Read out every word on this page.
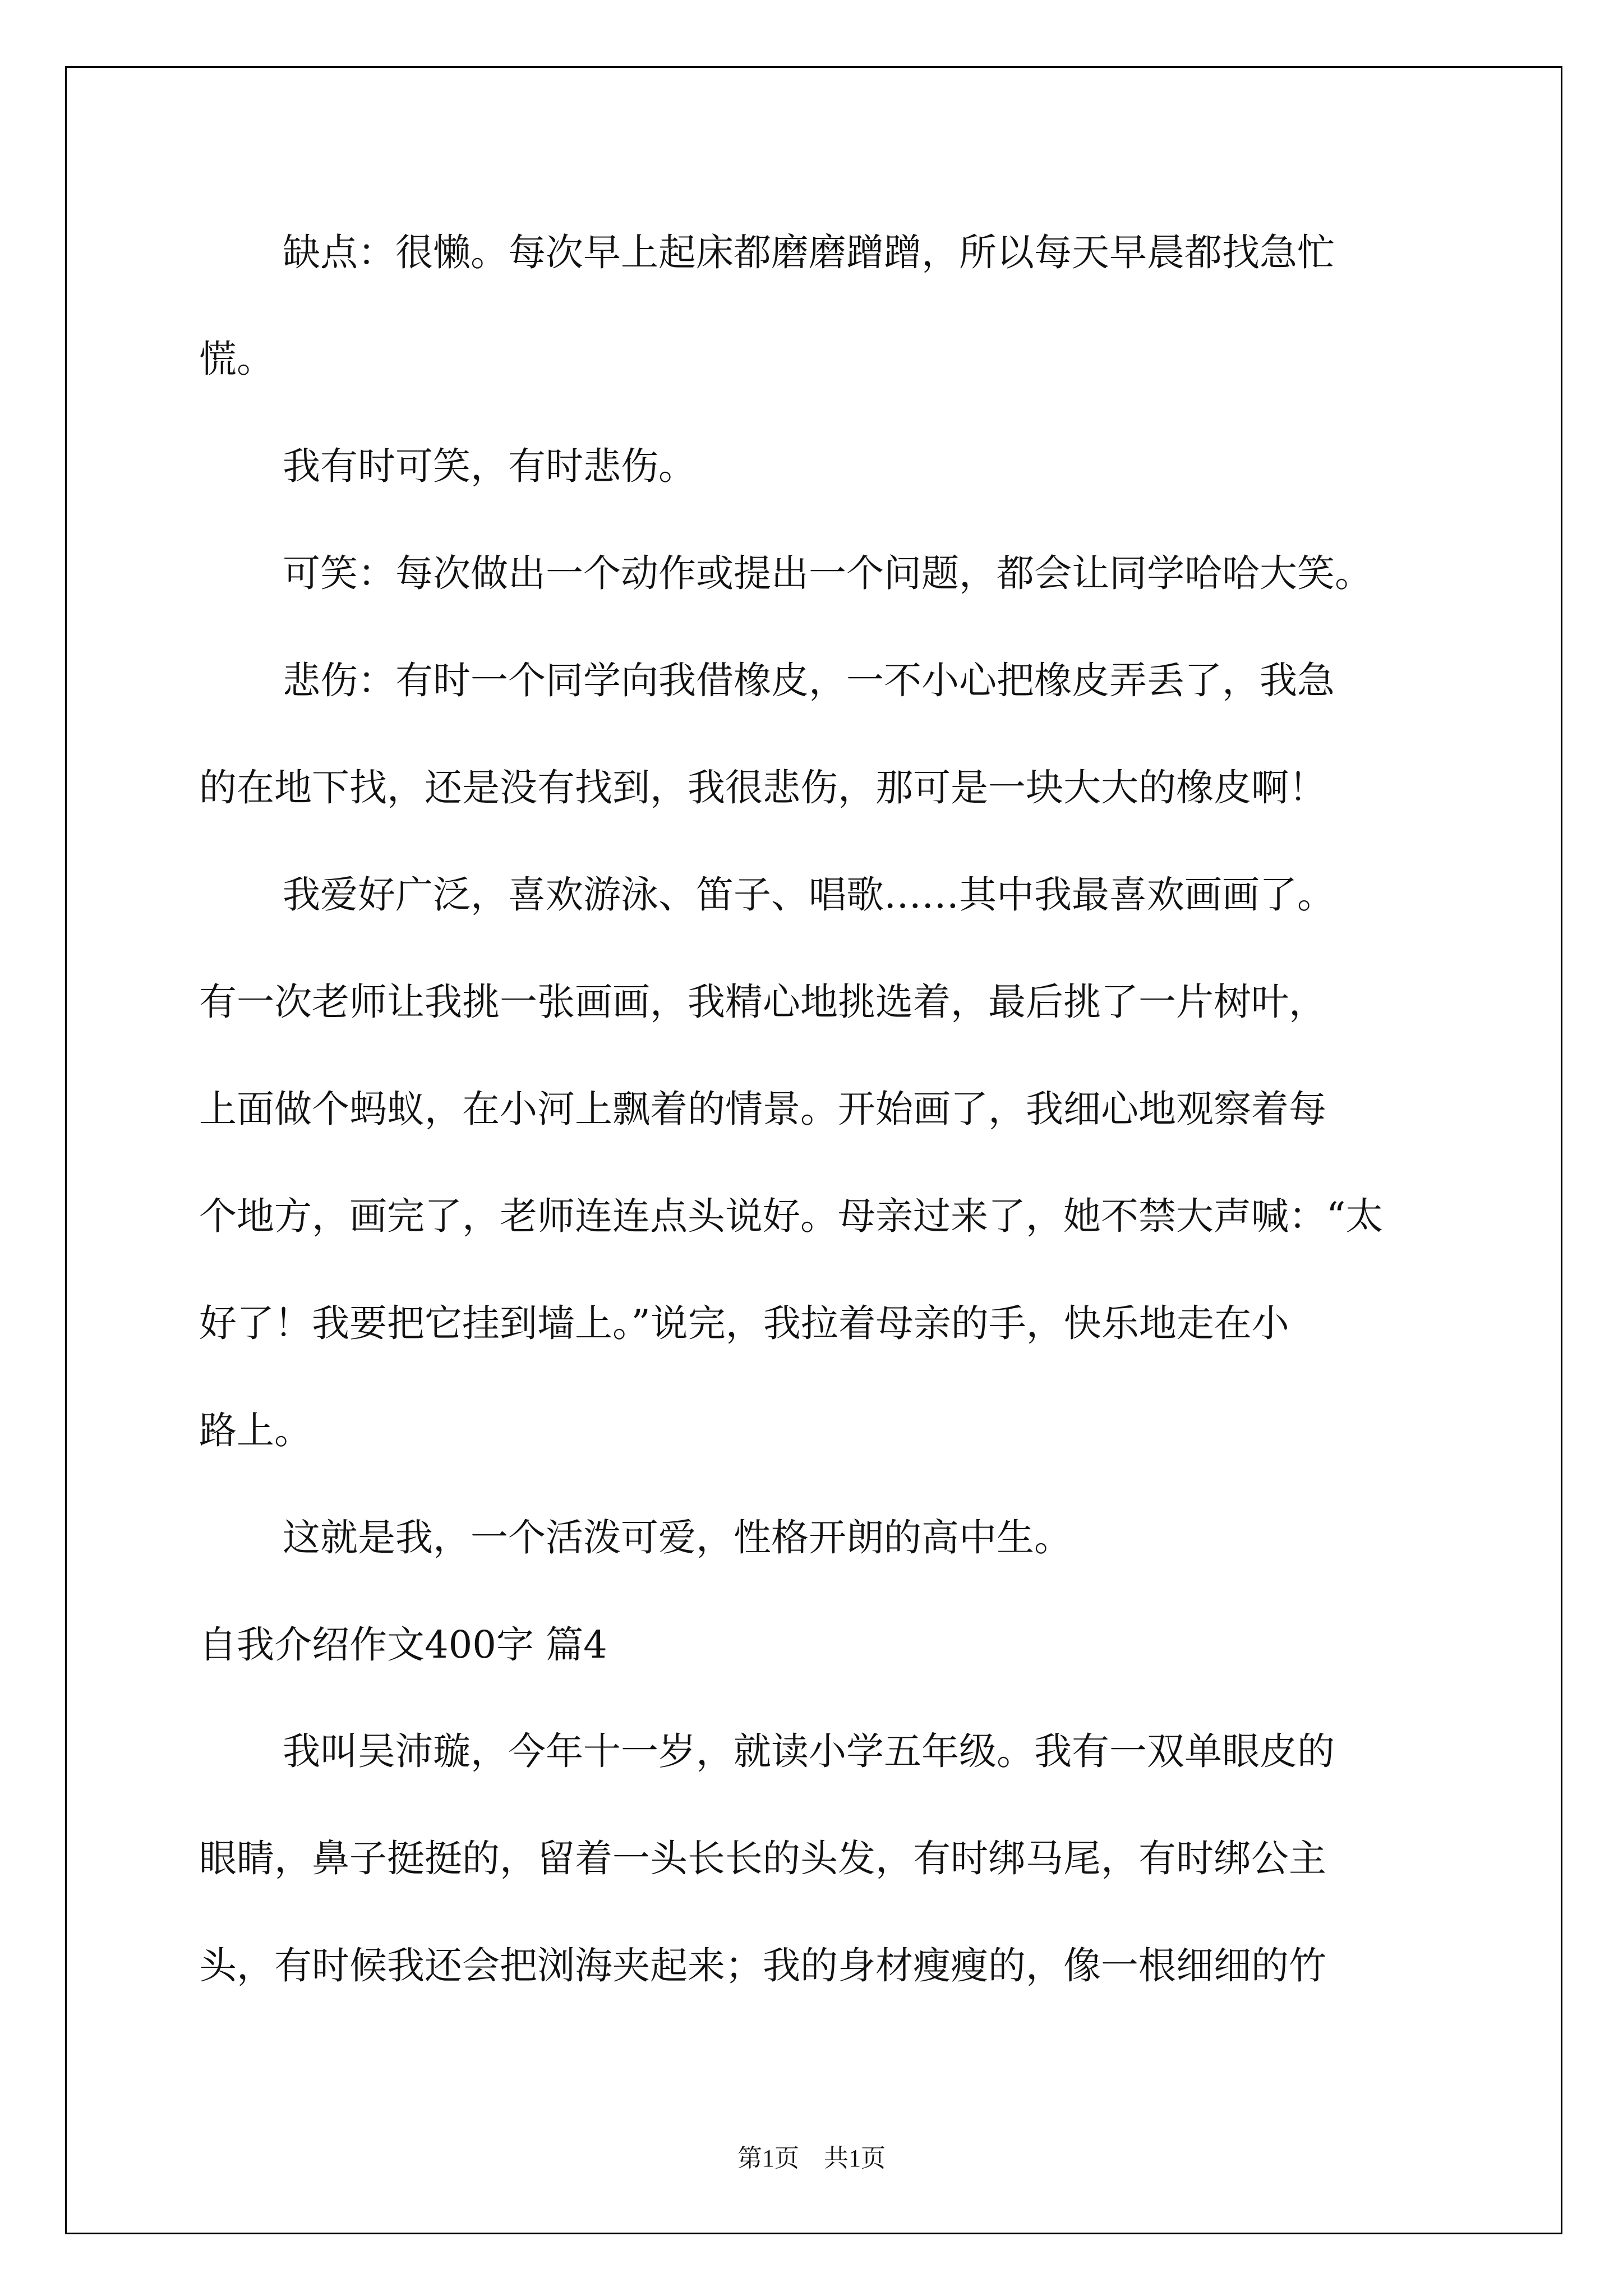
缺点：很懒。每次早上起床都磨磨蹭蹭，所以每天早晨都找急忙
慌。
我有时可笑，有时悲伤。
可笑：每次做出一个动作或提出一个问题，都会让同学哈哈大笑。
悲伤：有时一个同学向我借橡皮，一不小心把橡皮弄丢了，我急
的在地下找，还是没有找到，我很悲伤，那可是一块大大的橡皮啊！
我爱好广泛，喜欢游泳、笛子、唱歌……其中我最喜欢画画了。
有一次老师让我挑一张画画，我精心地挑选着，最后挑了一片树叶，
上面做个蚂蚁，在小河上飘着的情景。开始画了，我细心地观察着每
个地方，画完了，老师连连点头说好。母亲过来了，她不禁大声喊：“太
好了！我要把它挂到墙上。”说完，我拉着母亲的手，快乐地走在小
路上。
这就是我，一个活泼可爱，性格开朗的高中生。
自我介绍作文400字 篇4
我叫吴沛璇，今年十一岁，就读小学五年级。我有一双单眼皮的
眼睛，鼻子挺挺的，留着一头长长的头发，有时绑马尾，有时绑公主
头，有时候我还会把浏海夹起来；我的身材瘦瘦的，像一根细细的竹
第1页　共1页
